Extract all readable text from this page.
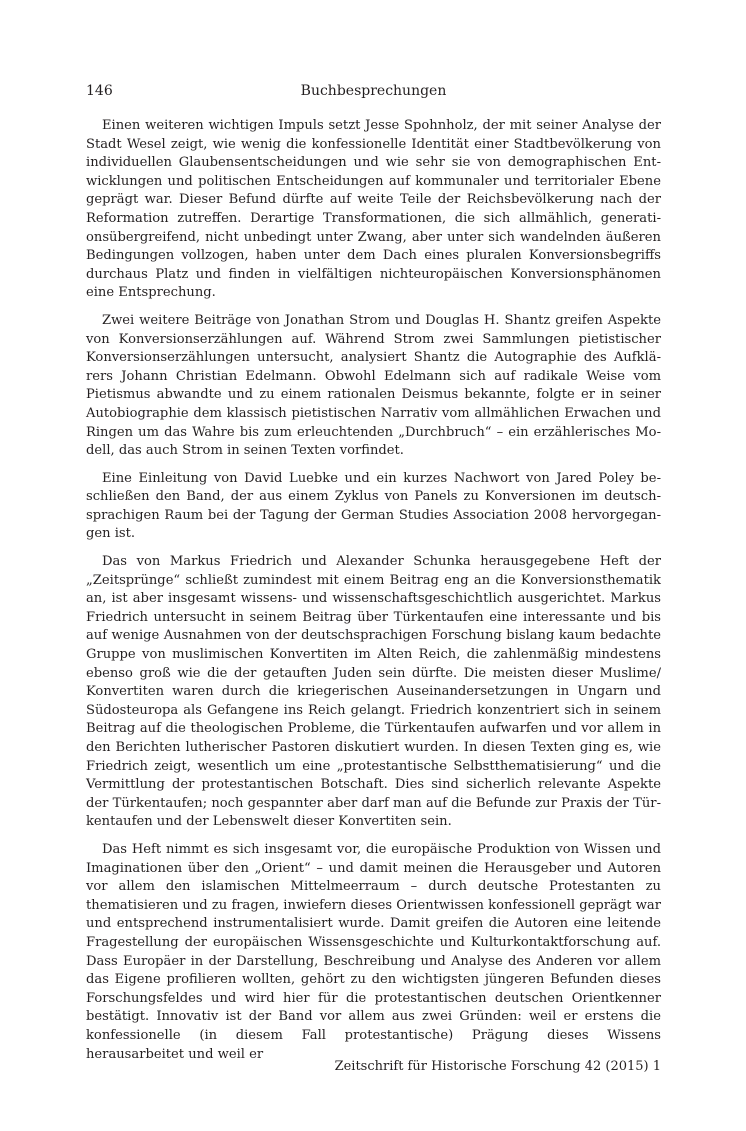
146	Buchbesprechungen

Einen weiteren wichtigen Impuls setzt Jesse Spohnholz, der mit seiner Analyse der Stadt Wesel zeigt, wie wenig die konfessionelle Identität einer Stadtbevölkerung von individuellen Glaubensentscheidungen und wie sehr sie von demographischen Entwicklungen und politischen Entscheidungen auf kommunaler und territorialer Ebene geprägt war. Dieser Befund dürfte auf weite Teile der Reichsbevölkerung nach der Reformation zutreffen. Derartige Transformationen, die sich allmählich, generationsübergreifend, nicht unbedingt unter Zwang, aber unter sich wandelnden äußeren Bedingungen vollzogen, haben unter dem Dach eines pluralen Konversionsbegriffs durchaus Platz und finden in vielfältigen nichteuropäischen Konversionsphänomen eine Entsprechung.

Zwei weitere Beiträge von Jonathan Strom und Douglas H. Shantz greifen Aspekte von Konversionserzählungen auf. Während Strom zwei Sammlungen pietistischer Konversionserzählungen untersucht, analysiert Shantz die Autographie des Aufklärers Johann Christian Edelmann. Obwohl Edelmann sich auf radikale Weise vom Pietismus abwandte und zu einem rationalen Deismus bekannte, folgte er in seiner Autobiographie dem klassisch pietistischen Narrativ vom allmählichen Erwachen und Ringen um das Wahre bis zum erleuchtenden „Durchbruch“ – ein erzählerisches Modell, das auch Strom in seinen Texten vorfindet.

Eine Einleitung von David Luebke und ein kurzes Nachwort von Jared Poley beschließen den Band, der aus einem Zyklus von Panels zu Konversionen im deutschsprachigen Raum bei der Tagung der German Studies Association 2008 hervorgegangen ist.

Das von Markus Friedrich und Alexander Schunka herausgegebene Heft der „Zeitsprünge“ schließt zumindest mit einem Beitrag eng an die Konversionsthematik an, ist aber insgesamt wissens- und wissenschaftsgeschichtlich ausgerichtet. Markus Friedrich untersucht in seinem Beitrag über Türkentaufen eine interessante und bis auf wenige Ausnahmen von der deutschsprachigen Forschung bislang kaum bedachte Gruppe von muslimischen Konvertiten im Alten Reich, die zahlenmäßig mindestens ebenso groß wie die der getauften Juden sein dürfte. Die meisten dieser Muslime/ Konvertiten waren durch die kriegerischen Auseinandersetzungen in Ungarn und Südosteuropa als Gefangene ins Reich gelangt. Friedrich konzentriert sich in seinem Beitrag auf die theologischen Probleme, die Türkentaufen aufwarfen und vor allem in den Berichten lutherischer Pastoren diskutiert wurden. In diesen Texten ging es, wie Friedrich zeigt, wesentlich um eine „protestantische Selbstthematisierung“ und die Vermittlung der protestantischen Botschaft. Dies sind sicherlich relevante Aspekte der Türkentaufen; noch gespannter aber darf man auf die Befunde zur Praxis der Türkentaufen und der Lebenswelt dieser Konvertiten sein.

Das Heft nimmt es sich insgesamt vor, die europäische Produktion von Wissen und Imaginationen über den „Orient“ – und damit meinen die Herausgeber und Autoren vor allem den islamischen Mittelmeerraum – durch deutsche Protestanten zu thematisieren und zu fragen, inwiefern dieses Orientwissen konfessionell geprägt war und entsprechend instrumentalisiert wurde. Damit greifen die Autoren eine leitende Fragestellung der europäischen Wissensgeschichte und Kulturkontaktforschung auf. Dass Europäer in der Darstellung, Beschreibung und Analyse des Anderen vor allem das Eigene profilieren wollten, gehört zu den wichtigsten jüngeren Befunden dieses Forschungsfeldes und wird hier für die protestantischen deutschen Orientkenner bestätigt. Innovativ ist der Band vor allem aus zwei Gründen: weil er erstens die konfessionelle (in diesem Fall protestantische) Prägung dieses Wissens herausarbeitet und weil er

Zeitschrift für Historische Forschung 42 (2015) 1
